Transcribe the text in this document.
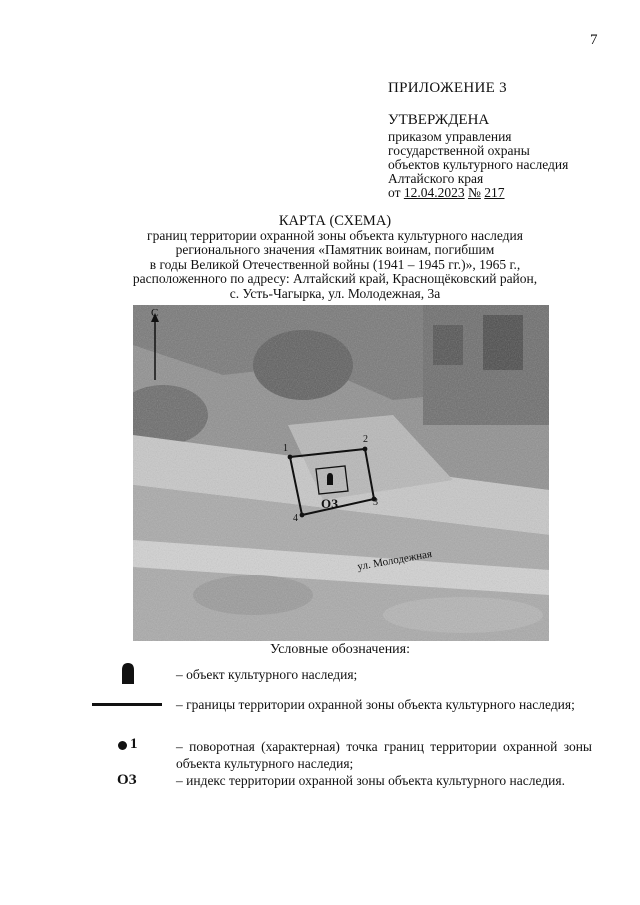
7
ПРИЛОЖЕНИЕ 3
УТВЕРЖДЕНА
приказом управления
государственной охраны
объектов культурного наследия
Алтайского края
от 12.04.2023 № 217
КАРТА (СХЕМА)
границ территории охранной зоны объекта культурного наследия
регионального значения «Памятник воинам, погибшим
в годы Великой Отечественной войны (1941 – 1945 гг.)», 1965 г.,
расположенного по адресу: Алтайский край, Краснощёковский район,
с. Усть-Чагырка, ул. Молодежная, 3а
С
1
2
3
4
ОЗ
ул. Молодежная
Условные обозначения:
– объект культурного наследия;
– границы территории охранной зоны объекта культурного наследия;
1	– поворотная (характерная) точка границ территории охранной зоны объекта культурного наследия;
ОЗ	– индекс территории охранной зоны объекта культурного наследия.
